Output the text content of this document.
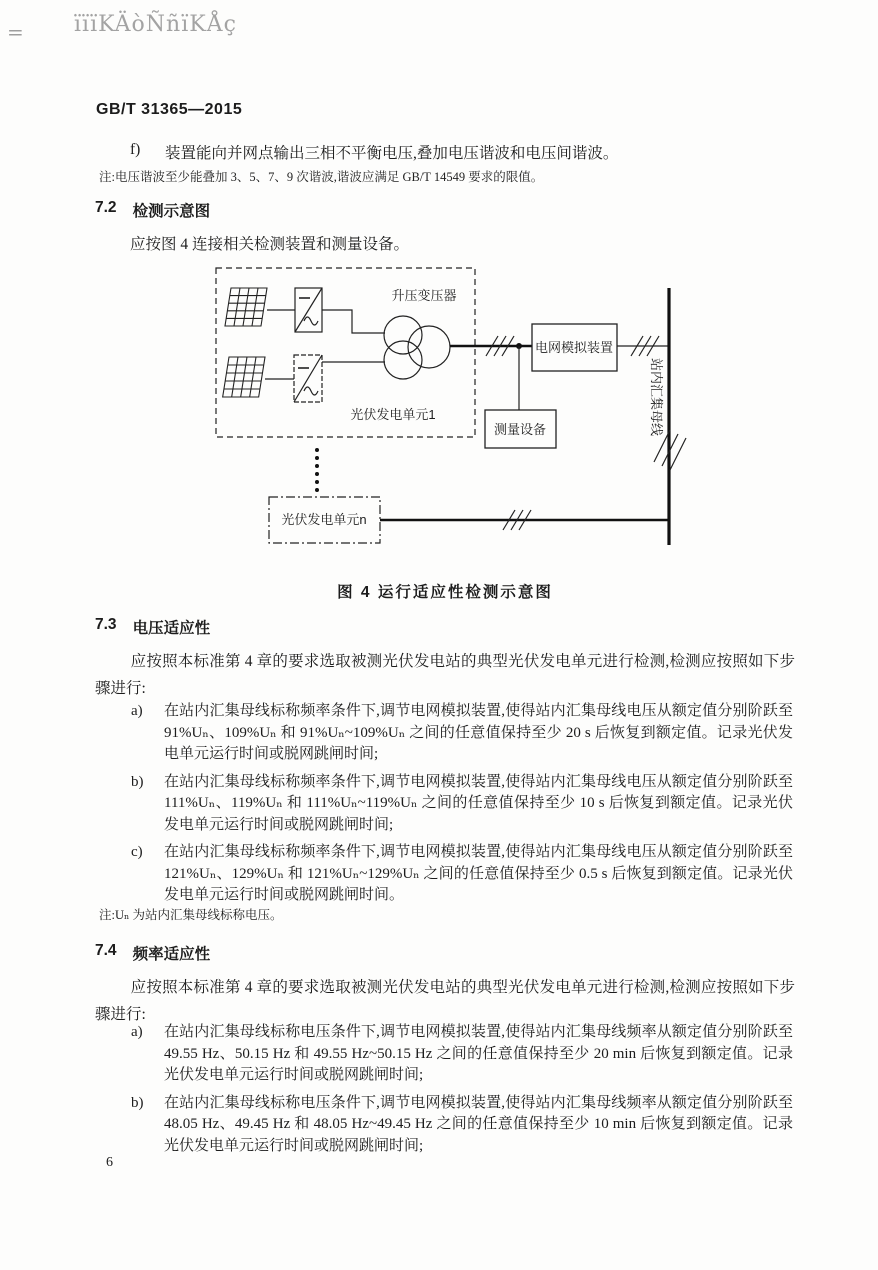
= ïïïKÄòÑñïKÅç
GB/T 31365—2015
f)	装置能向并网点输出三相不平衡电压,叠加电压谐波和电压间谐波。
注:电压谐波至少能叠加 3、5、7、9 次谐波,谐波应满足 GB/T 14549 要求的限值。
7.2 检测示意图
应按图 4 连接相关检测装置和测量设备。
升压变压器
电网模拟装置
站内汇集母线
测量设备
光伏发电单元1
光伏发电单元n
图 4 运行适应性检测示意图
7.3 电压适应性
应按照本标准第 4 章的要求选取被测光伏发电站的典型光伏发电单元进行检测,检测应按照如下步骤进行:
a)	在站内汇集母线标称频率条件下,调节电网模拟装置,使得站内汇集母线电压从额定值分别阶跃至 91%Uₙ、109%Uₙ 和 91%Uₙ~109%Uₙ 之间的任意值保持至少 20 s 后恢复到额定值。记录光伏发电单元运行时间或脱网跳闸时间;
b)	在站内汇集母线标称频率条件下,调节电网模拟装置,使得站内汇集母线电压从额定值分别阶跃至 111%Uₙ、119%Uₙ 和 111%Uₙ~119%Uₙ 之间的任意值保持至少 10 s 后恢复到额定值。记录光伏发电单元运行时间或脱网跳闸时间;
c)	在站内汇集母线标称频率条件下,调节电网模拟装置,使得站内汇集母线电压从额定值分别阶跃至 121%Uₙ、129%Uₙ 和 121%Uₙ~129%Uₙ 之间的任意值保持至少 0.5 s 后恢复到额定值。记录光伏发电单元运行时间或脱网跳闸时间。
注:Uₙ 为站内汇集母线标称电压。
7.4 频率适应性
应按照本标准第 4 章的要求选取被测光伏发电站的典型光伏发电单元进行检测,检测应按照如下步骤进行:
a)	在站内汇集母线标称电压条件下,调节电网模拟装置,使得站内汇集母线频率从额定值分别阶跃至 49.55 Hz、50.15 Hz 和 49.55 Hz~50.15 Hz 之间的任意值保持至少 20 min 后恢复到额定值。记录光伏发电单元运行时间或脱网跳闸时间;
b)	在站内汇集母线标称电压条件下,调节电网模拟装置,使得站内汇集母线频率从额定值分别阶跃至 48.05 Hz、49.45 Hz 和 48.05 Hz~49.45 Hz 之间的任意值保持至少 10 min 后恢复到额定值。记录光伏发电单元运行时间或脱网跳闸时间;
6
